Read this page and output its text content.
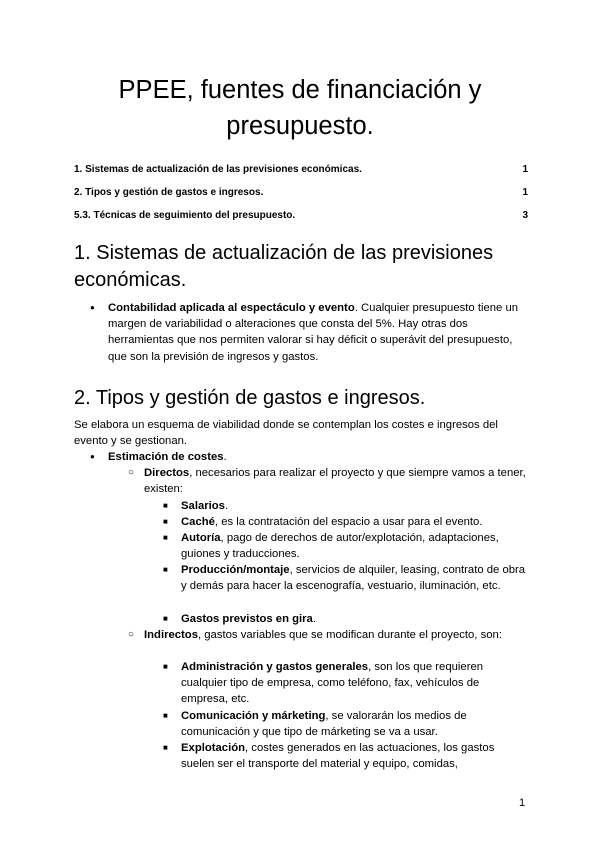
PPEE, fuentes de financiación y presupuesto.
1. Sistemas de actualización de las previsiones económicas.	1
2. Tipos y gestión de gastos e ingresos.	1
5.3. Técnicas de seguimiento del presupuesto.	3
1. Sistemas de actualización de las previsiones económicas.
● Contabilidad aplicada al espectáculo y evento. Cualquier presupuesto tiene un margen de variabilidad o alteraciones que consta del 5%. Hay otras dos herramientas que nos permiten valorar si hay déficit o superávit del presupuesto, que son la previsión de ingresos y gastos.
2. Tipos y gestión de gastos e ingresos.
Se elabora un esquema de viabilidad donde se contemplan los costes e ingresos del evento y se gestionan.
● Estimación de costes.
○ Directos, necesarios para realizar el proyecto y que siempre vamos a tener, existen:
■ Salarios.
■ Caché, es la contratación del espacio a usar para el evento.
■ Autoría, pago de derechos de autor/explotación, adaptaciones, guiones y traducciones.
■ Producción/montaje, servicios de alquiler, leasing, contrato de obra y demás para hacer la escenografía, vestuario, iluminación, etc.
■ Gastos previstos en gira.
○ Indirectos, gastos variables que se modifican durante el proyecto, son:
■ Administración y gastos generales, son los que requieren cualquier tipo de empresa, como teléfono, fax, vehículos de empresa, etc.
■ Comunicación y márketing, se valorarán los medios de comunicación y que tipo de márketing se va a usar.
■ Explotación, costes generados en las actuaciones, los gastos suelen ser el transporte del material y equipo, comidas,
1
